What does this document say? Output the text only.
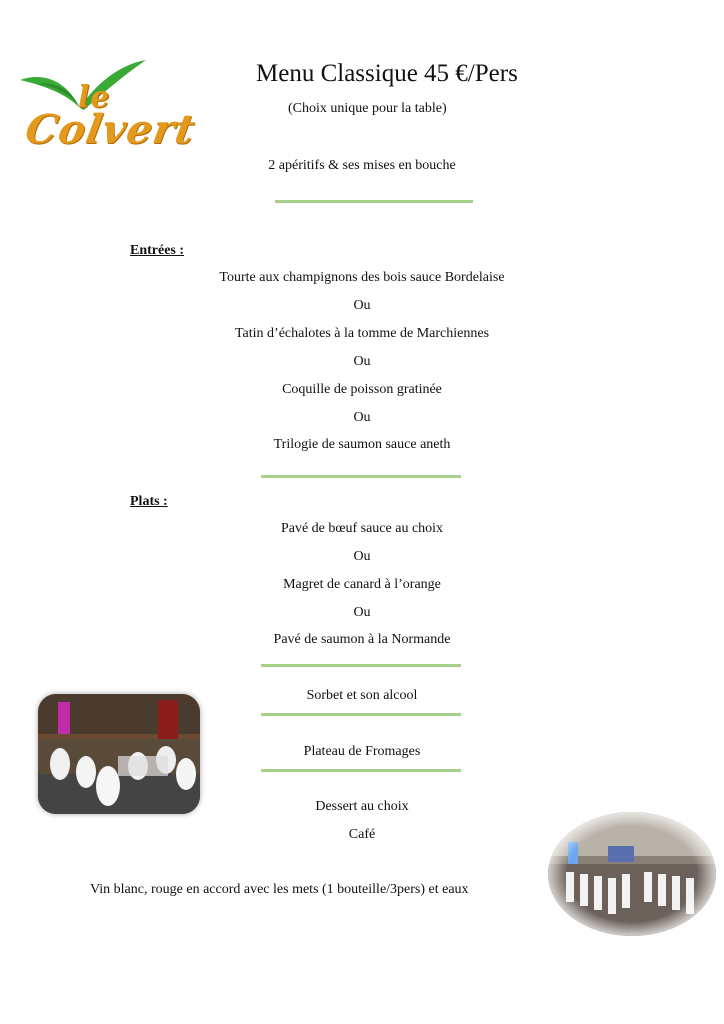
le
Colvert
Menu Classique 45 €/Pers
(Choix unique pour la table)
2 apéritifs & ses mises en bouche
Entrées :
Tourte aux champignons des bois sauce Bordelaise
Ou
Tatin d’échalotes à la tomme de Marchiennes
Ou
Coquille de poisson gratinée
Ou
Trilogie de saumon sauce aneth
Plats :
Pavé de bœuf sauce au choix
Ou
Magret de canard à l’orange
Ou
Pavé de saumon à la Normande
Sorbet et son alcool
Plateau de Fromages
Dessert au choix
Café
Vin blanc, rouge en accord avec les mets (1 bouteille/3pers) et eaux
